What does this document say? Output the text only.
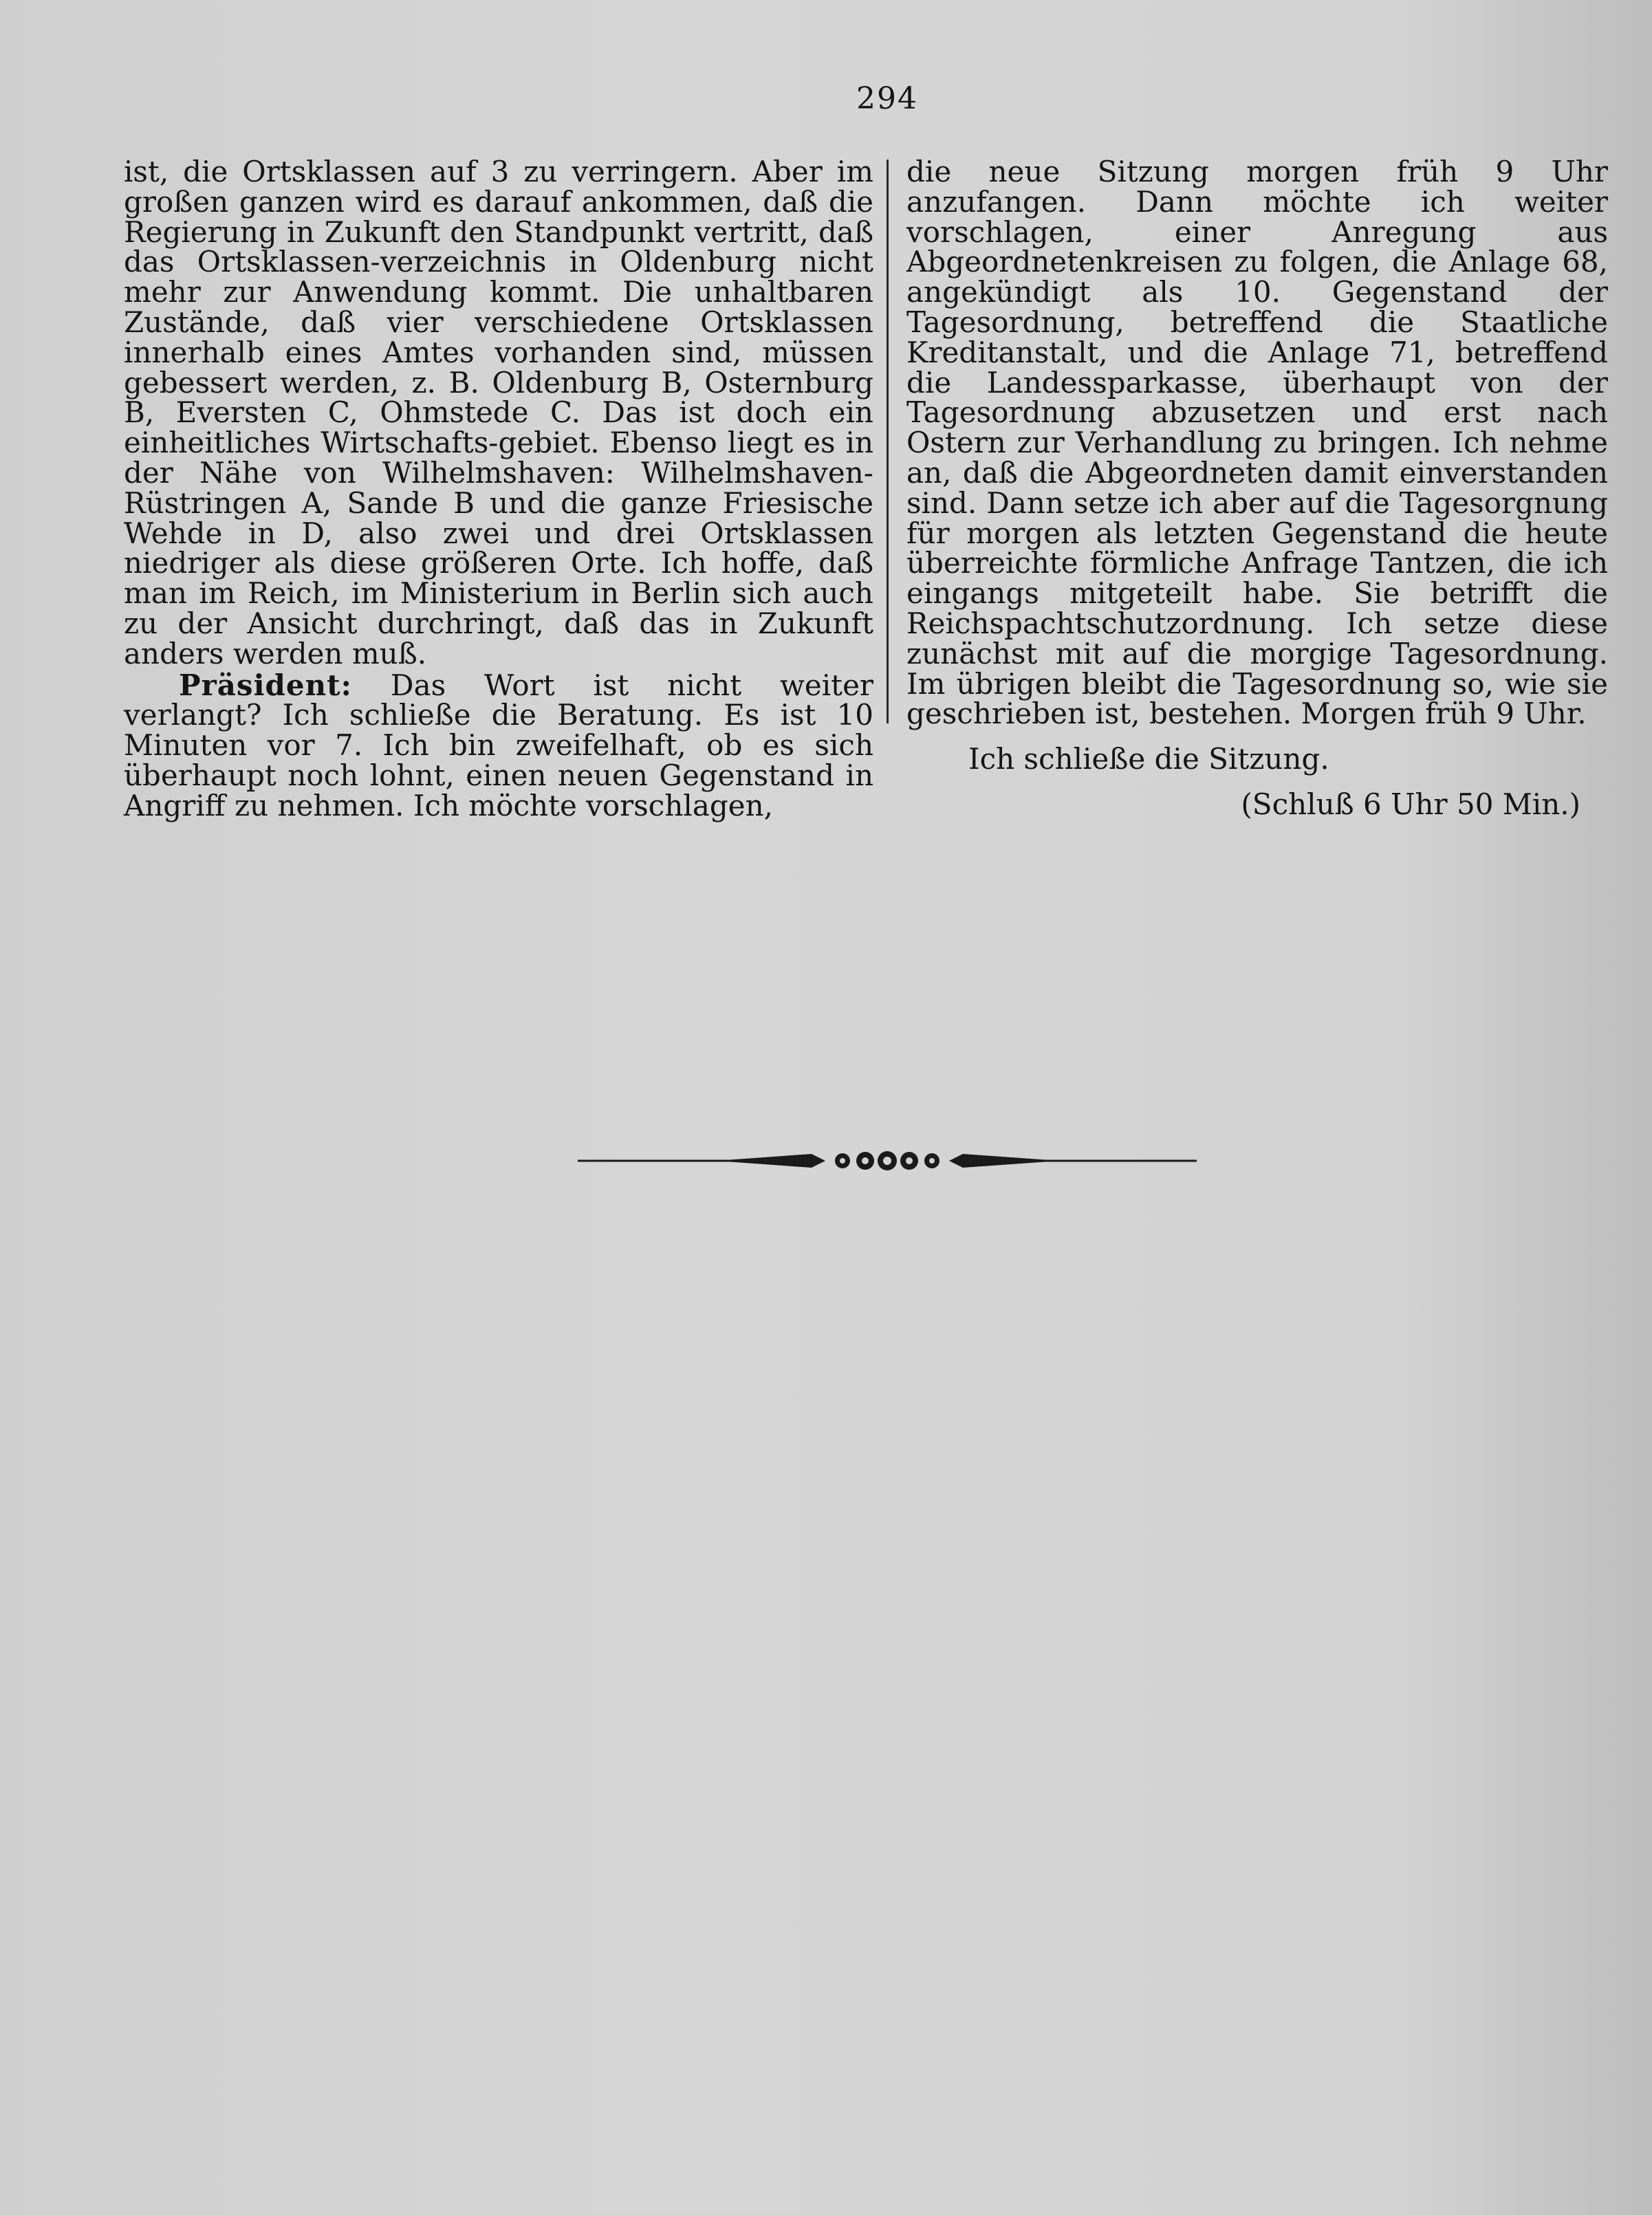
294

ist, die Ortsklassen auf 3 zu verringern. Aber im großen ganzen wird es darauf ankommen, daß die Regierung in Zukunft den Standpunkt vertritt, daß das Ortsklassen-verzeichnis in Oldenburg nicht mehr zur Anwendung kommt. Die unhaltbaren Zustände, daß vier verschiedene Ortsklassen innerhalb eines Amtes vorhanden sind, müssen gebessert werden, z. B. Oldenburg B, Osternburg B, Eversten C, Ohmstede C. Das ist doch ein einheitliches Wirtschafts-gebiet. Ebenso liegt es in der Nähe von Wilhelmshaven: Wilhelmshaven-Rüstringen A, Sande B und die ganze Friesische Wehde in D, also zwei und drei Ortsklassen niedriger als diese größeren Orte. Ich hoffe, daß man im Reich, im Ministerium in Berlin sich auch zu der Ansicht durchringt, daß das in Zukunft anders werden muß.

Präsident: Das Wort ist nicht weiter verlangt? Ich schließe die Beratung. Es ist 10 Minuten vor 7. Ich bin zweifelhaft, ob es sich überhaupt noch lohnt, einen neuen Gegenstand in Angriff zu nehmen. Ich möchte vorschlagen,

die neue Sitzung morgen früh 9 Uhr anzufangen. Dann möchte ich weiter vorschlagen, einer Anregung aus Abgeordnetenkreisen zu folgen, die Anlage 68, angekündigt als 10. Gegenstand der Tagesordnung, betreffend die Staatliche Kreditanstalt, und die Anlage 71, betreffend die Landessparkasse, überhaupt von der Tagesordnung abzusetzen und erst nach Ostern zur Verhandlung zu bringen. Ich nehme an, daß die Abgeordneten damit einverstanden sind. Dann setze ich aber auf die Tagesorgnung für morgen als letzten Gegenstand die heute überreichte förmliche Anfrage Tantzen, die ich eingangs mitgeteilt habe. Sie betrifft die Reichspachtschutzordnung. Ich setze diese zunächst mit auf die morgige Tagesordnung. Im übrigen bleibt die Tagesordnung so, wie sie geschrieben ist, bestehen. Morgen früh 9 Uhr.

Ich schließe die Sitzung.

(Schluß 6 Uhr 50 Min.)
